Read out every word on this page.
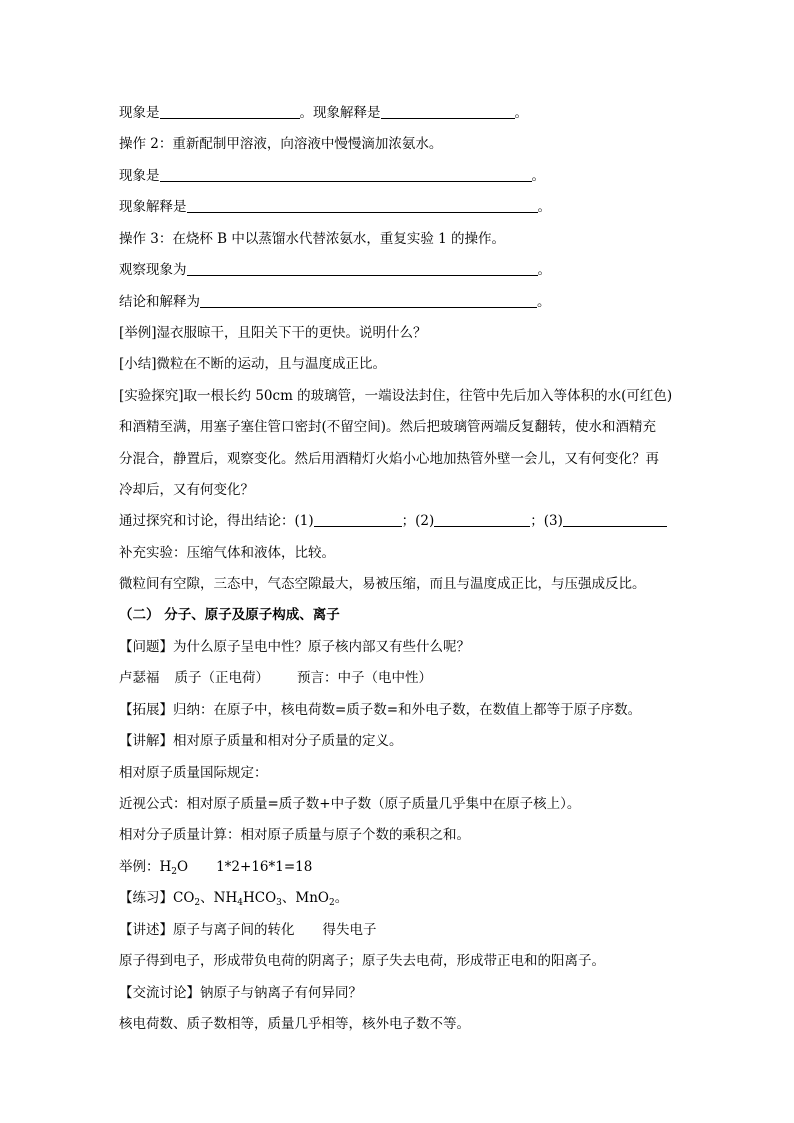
现象是	。现象解释是	。
操作 2：重新配制甲溶液，向溶液中慢慢滴加浓氨水。
现象是	。
现象解释是	。
操作 3：在烧杯 B 中以蒸馏水代替浓氨水，重复实验 1 的操作。
观察现象为	。
结论和解释为	。
[举例]湿衣服晾干，且阳关下干的更快。说明什么？
[小结]微粒在不断的运动，且与温度成正比。
[实验探究]取一根长约 50cm 的玻璃管，一端设法封住，往管中先后加入等体积的水(可红色)
和酒精至满，用塞子塞住管口密封(不留空间)。然后把玻璃管两端反复翻转，使水和酒精充
分混合，静置后，观察变化。然后用酒精灯火焰小心地加热管外壁一会儿，又有何变化？再
冷却后，又有何变化？
通过探究和讨论，得出结论：(1)	；(2)	；(3)
补充实验：压缩气体和液体，比较。
微粒间有空隙，三态中，气态空隙最大，易被压缩，而且与温度成正比，与压强成反比。
（二） 分子、原子及原子构成、离子
【问题】为什么原子呈电中性？原子核内部又有些什么呢？
卢瑟福 质子（正电荷） 预言：中子（电中性）
【拓展】归纳：在原子中，核电荷数=质子数=和外电子数，在数值上都等于原子序数。
【讲解】相对原子质量和相对分子质量的定义。
相对原子质量国际规定：
近视公式：相对原子质量=质子数+中子数（原子质量几乎集中在原子核上）。
相对分子质量计算：相对原子质量与原子个数的乘积之和。
举例：$H_2O$ 1*2+16*1=18
【练习】$CO_2$、$NH_4HCO_3$、MnO$_2$。
【讲述】原子与离子间的转化 得失电子
原子得到电子，形成带负电荷的阴离子；原子失去电荷，形成带正电和的阳离子。
【交流讨论】钠原子与钠离子有何异同？
核电荷数、质子数相等，质量几乎相等，核外电子数不等。
